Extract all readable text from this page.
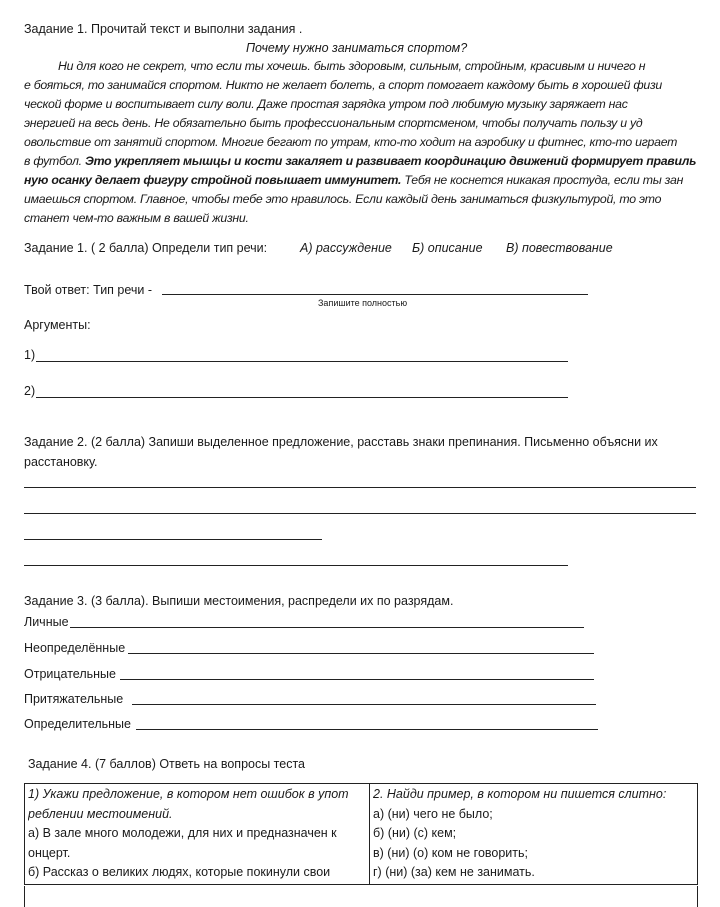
Задание 1. Прочитай текст и выполни задания .
Почему нужно заниматься спортом?
Ни для кого не секрет, что если ты хочешь. быть здоровым, сильным, стройным, красивым и ничего н
е бояться, то занимайся спортом. Никто не желает болеть, а спорт помогает каждому быть в хорошей физи
ческой форме и воспитывает силу воли. Даже простая зарядка утром под любимую музыку заряжает нас
энергией на весь день. Не обязательно быть профессиональным спортсменом, чтобы получать пользу и уд
овольствие от занятий спортом. Многие бегают по утрам, кто-то ходит на аэробику и фитнес, кто-то играет
в футбол. Это укрепляет мышцы и кости закаляет и развивает координацию движений формирует правиль
ную осанку делает фигуру стройной повышает иммунитет. Тебя не коснется никакая простуда, если ты зан
имаешься спортом. Главное, чтобы тебе это нравилось. Если каждый день заниматься физкультурой, то это
станет чем-то важным в вашей жизни.
Задание 1. ( 2 балла) Определи тип речи:	А) рассуждение Б) описание В) повествование
Твой ответ: Тип речи -
Запишите полностью
Аргументы:
1)
2)
Задание 2. (2 балла) Запиши выделенное предложение, расставь знаки препинания. Письменно объясни их
расстановку.
Задание 3. (3 балла). Выпиши местоимения, распредели их по разрядам.
Личные
Неопределённые
Отрицательные
Притяжательные
Определительные
Задание 4. (7 баллов) Ответь на вопросы теста
1) Укажи предложение, в котором нет ошибок в упот
реблении местоимений.
а) В зале много молодежи, для них и предназначен к
онцерт.
б) Рассказ о великих людях, которые покинули свои

2. Найди пример, в котором ни пишется слитно:
а) (ни) чего не было;
б) (ни) (с) кем;
в) (ни) (о) ком не говорить;
г) (ни) (за) кем не занимать.
